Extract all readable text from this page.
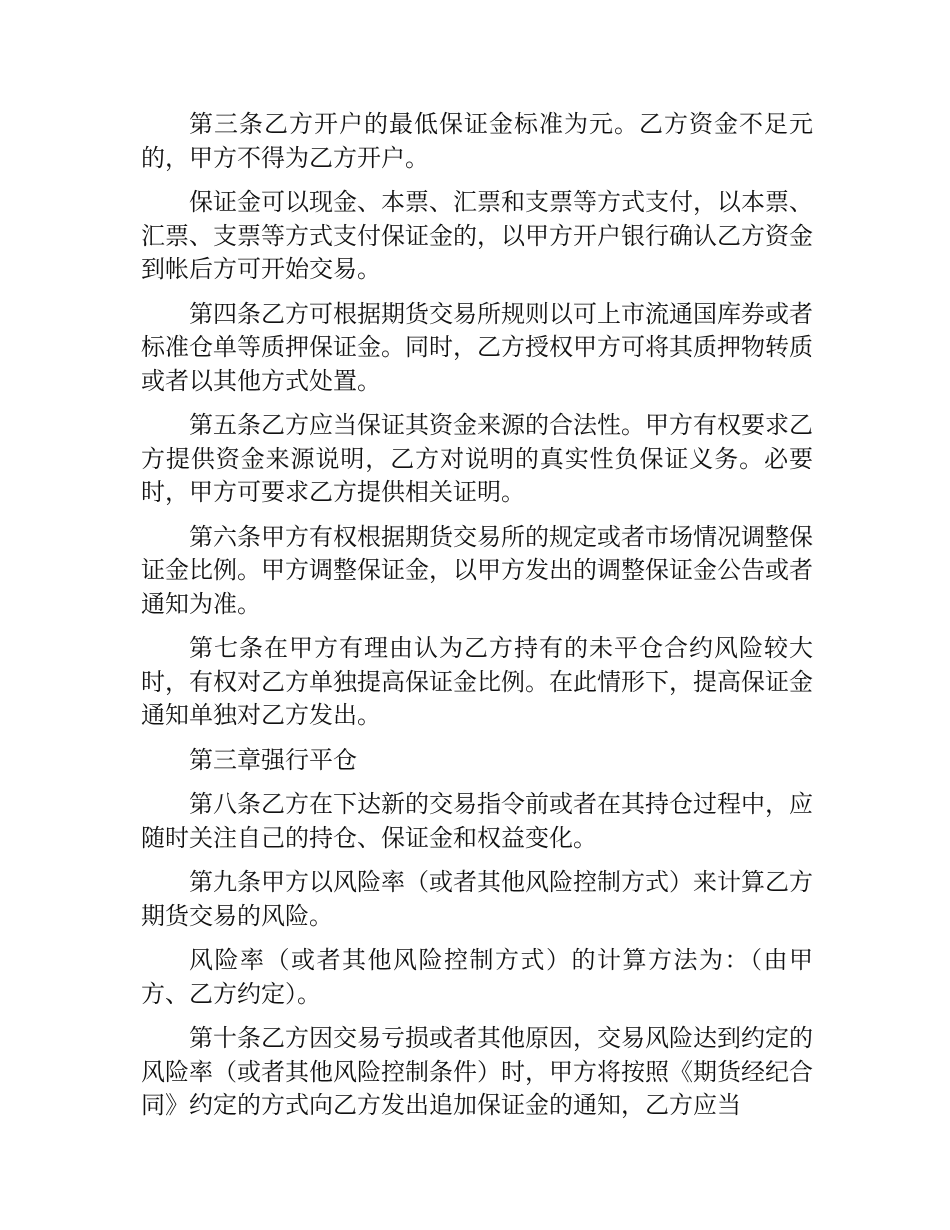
第三条乙方开户的最低保证金标准为元。乙方资金不足元的，甲方不得为乙方开户。

保证金可以现金、本票、汇票和支票等方式支付，以本票、汇票、支票等方式支付保证金的，以甲方开户银行确认乙方资金到帐后方可开始交易。

第四条乙方可根据期货交易所规则以可上市流通国库券或者标准仓单等质押保证金。同时，乙方授权甲方可将其质押物转质或者以其他方式处置。

第五条乙方应当保证其资金来源的合法性。甲方有权要求乙方提供资金来源说明，乙方对说明的真实性负保证义务。必要时，甲方可要求乙方提供相关证明。

第六条甲方有权根据期货交易所的规定或者市场情况调整保证金比例。甲方调整保证金，以甲方发出的调整保证金公告或者通知为准。

第七条在甲方有理由认为乙方持有的未平仓合约风险较大时，有权对乙方单独提高保证金比例。在此情形下，提高保证金通知单独对乙方发出。

第三章强行平仓

第八条乙方在下达新的交易指令前或者在其持仓过程中，应随时关注自己的持仓、保证金和权益变化。

第九条甲方以风险率（或者其他风险控制方式）来计算乙方期货交易的风险。

风险率（或者其他风险控制方式）的计算方法为：（由甲方、乙方约定）。

第十条乙方因交易亏损或者其他原因，交易风险达到约定的风险率（或者其他风险控制条件）时，甲方将按照《期货经纪合同》约定的方式向乙方发出追加保证金的通知，乙方应当
